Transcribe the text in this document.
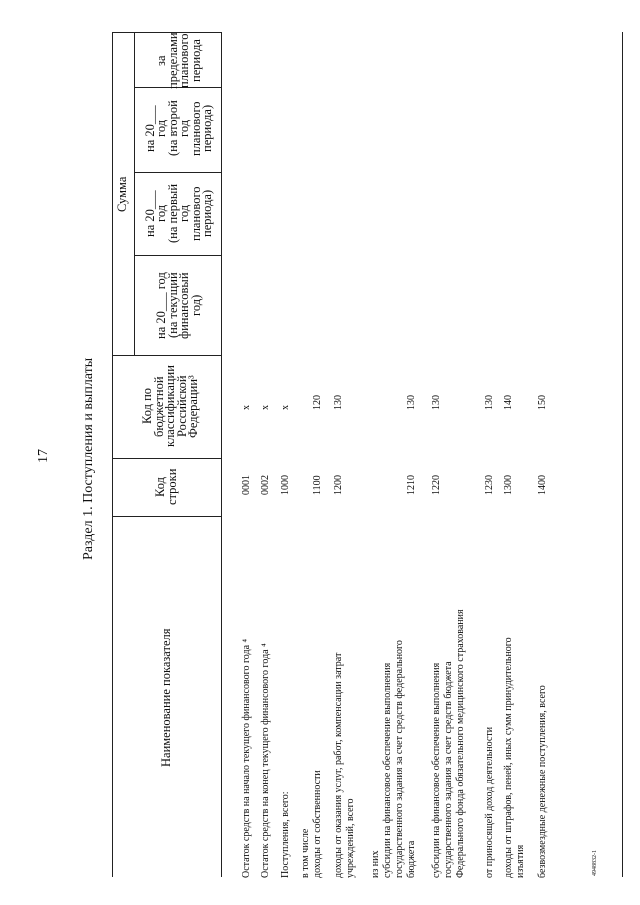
17 Раздел 1. Поступления и выплаты
Наименование показателя
Код
строки
Код по
бюджетной
классификации
Российской
Федерации³
Сумма
на 20___ год
(на текущий
финансовый
год)
на 20___
год
(на первый
год
планового
периода)
на 20___
год
(на второй
год
планового
периода)
за
пределами
планового
периода
Остаток средств на начало текущего финансового года ⁴
0001
x
Остаток средств на конец текущего финансового года ⁴
0002
x
Поступления, всего:
1000
x
в том числе доходы от собственности
1100
120
доходы от оказания услуг, работ, компенсации затрат учреждений, всего
1200
130
из них субсидии на финансовое обеспечение выполнения государственного задания за счет средств федерального бюджета
1210
130
субсидии на финансовое обеспечение выполнения государственного задания за счет средств бюджета Федерального фонда обязательного медицинского страхования
1220
130
от приносящей доход деятельности
1230
130
доходы от штрафов, пеней, иных сумм принудительного изъятия
1300
140
безвозмездные денежные поступления, всего
1400
150
4948832-1
